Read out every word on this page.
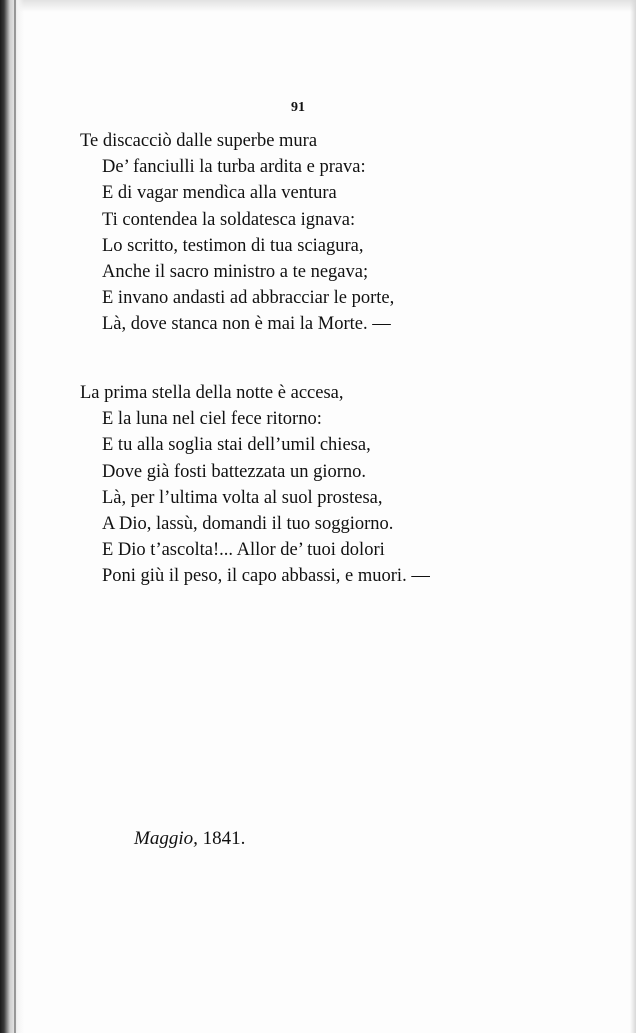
91
Te discacciò dalle superbe mura
De’ fanciulli la turba ardita e prava:
E di vagar mendìca alla ventura
Ti contendea la soldatesca ignava:
Lo scritto, testimon di tua sciagura,
Anche il sacro ministro a te negava;
E invano andasti ad abbracciar le porte,
Là, dove stanca non è mai la Morte. —
La prima stella della notte è accesa,
E la luna nel ciel fece ritorno:
E tu alla soglia stai dell’umil chiesa,
Dove già fosti battezzata un giorno.
Là, per l’ultima volta al suol prostesa,
A Dio, lassù, domandi il tuo soggiorno.
E Dio t’ascolta!... Allor de’ tuoi dolori
Poni giù il peso, il capo abbassi, e muori. —
Maggio, 1841.
